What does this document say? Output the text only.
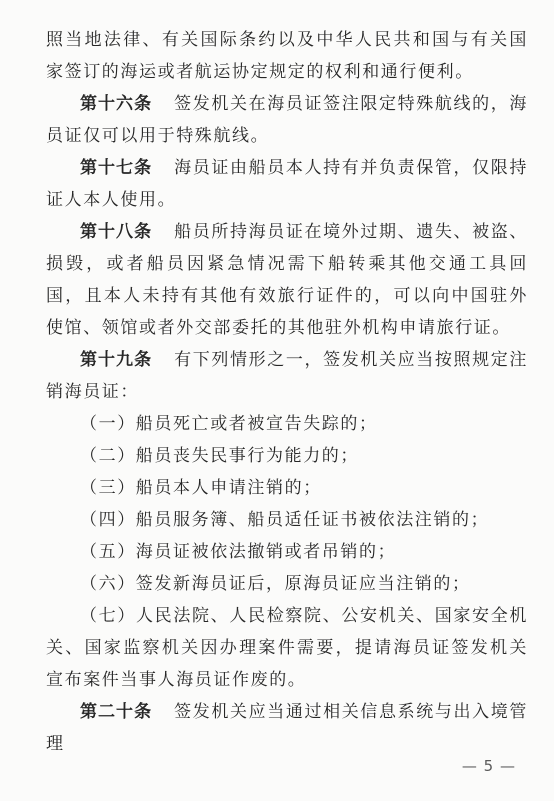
照当地法律、有关国际条约以及中华人民共和国与有关国家签订的海运或者航运协定规定的权利和通行便利。

第十六条 签发机关在海员证签注限定特殊航线的，海员证仅可以用于特殊航线。

第十七条 海员证由船员本人持有并负责保管，仅限持证人本人使用。

第十八条 船员所持海员证在境外过期、遗失、被盗、损毁，或者船员因紧急情况需下船转乘其他交通工具回国，且本人未持有其他有效旅行证件的，可以向中国驻外使馆、领馆或者外交部委托的其他驻外机构申请旅行证。

第十九条 有下列情形之一，签发机关应当按照规定注销海员证：

（一）船员死亡或者被宣告失踪的；

（二）船员丧失民事行为能力的；

（三）船员本人申请注销的；

（四）船员服务簿、船员适任证书被依法注销的；

（五）海员证被依法撤销或者吊销的；

（六）签发新海员证后，原海员证应当注销的；

（七）人民法院、人民检察院、公安机关、国家安全机关、国家监察机关因办理案件需要，提请海员证签发机关宣布案件当事人海员证作废的。

第二十条 签发机关应当通过相关信息系统与出入境管理

— 5 —
